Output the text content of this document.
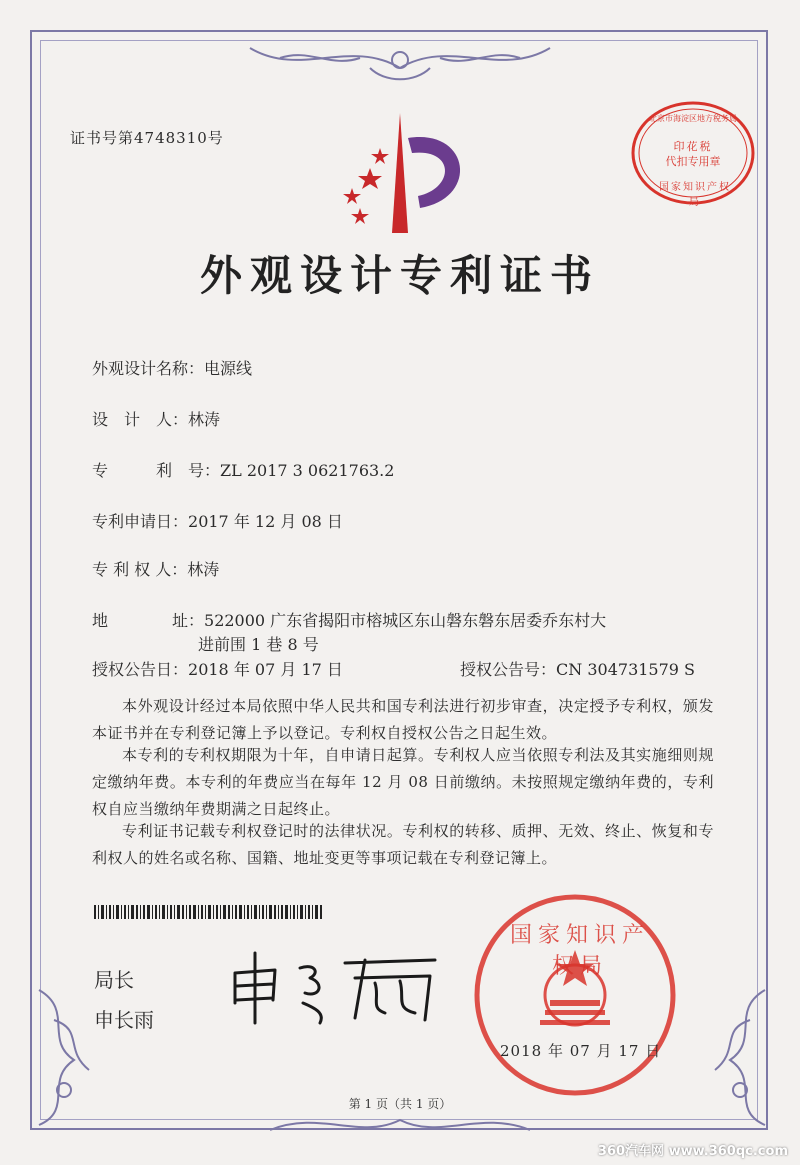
证书号第4748310号	印花税
代扣专用章
北京市海淀区地方税务局
国家知识产权局
外观设计专利证书
外观设计名称：电源线
设　计　人：林涛
专　　　利　号：ZL 2017 3 0621763.2
专利申请日：2017 年 12 月 08 日
专 利 权 人：林涛
地　　　　址：522000 广东省揭阳市榕城区东山磐东磐东居委乔东村大
进前围 1 巷 8 号
授权公告日：2018 年 07 月 17 日	授权公告号：CN 304731579 S
本外观设计经过本局依照中华人民共和国专利法进行初步审查，决定授予专利权，颁发本证书并在专利登记簿上予以登记。专利权自授权公告之日起生效。
本专利的专利权期限为十年，自申请日起算。专利权人应当依照专利法及其实施细则规定缴纳年费。本专利的年费应当在每年 12 月 08 日前缴纳。未按照规定缴纳年费的，专利权自应当缴纳年费期满之日起终止。
专利证书记载专利权登记时的法律状况。专利权的转移、质押、无效、终止、恢复和专利权人的姓名或名称、国籍、地址变更等事项记载在专利登记簿上。
局长
申长雨
国家知识产权局
2018 年 07 月 17 日
第 1 页（共 1 页）
360汽车网 www.360qc.com
